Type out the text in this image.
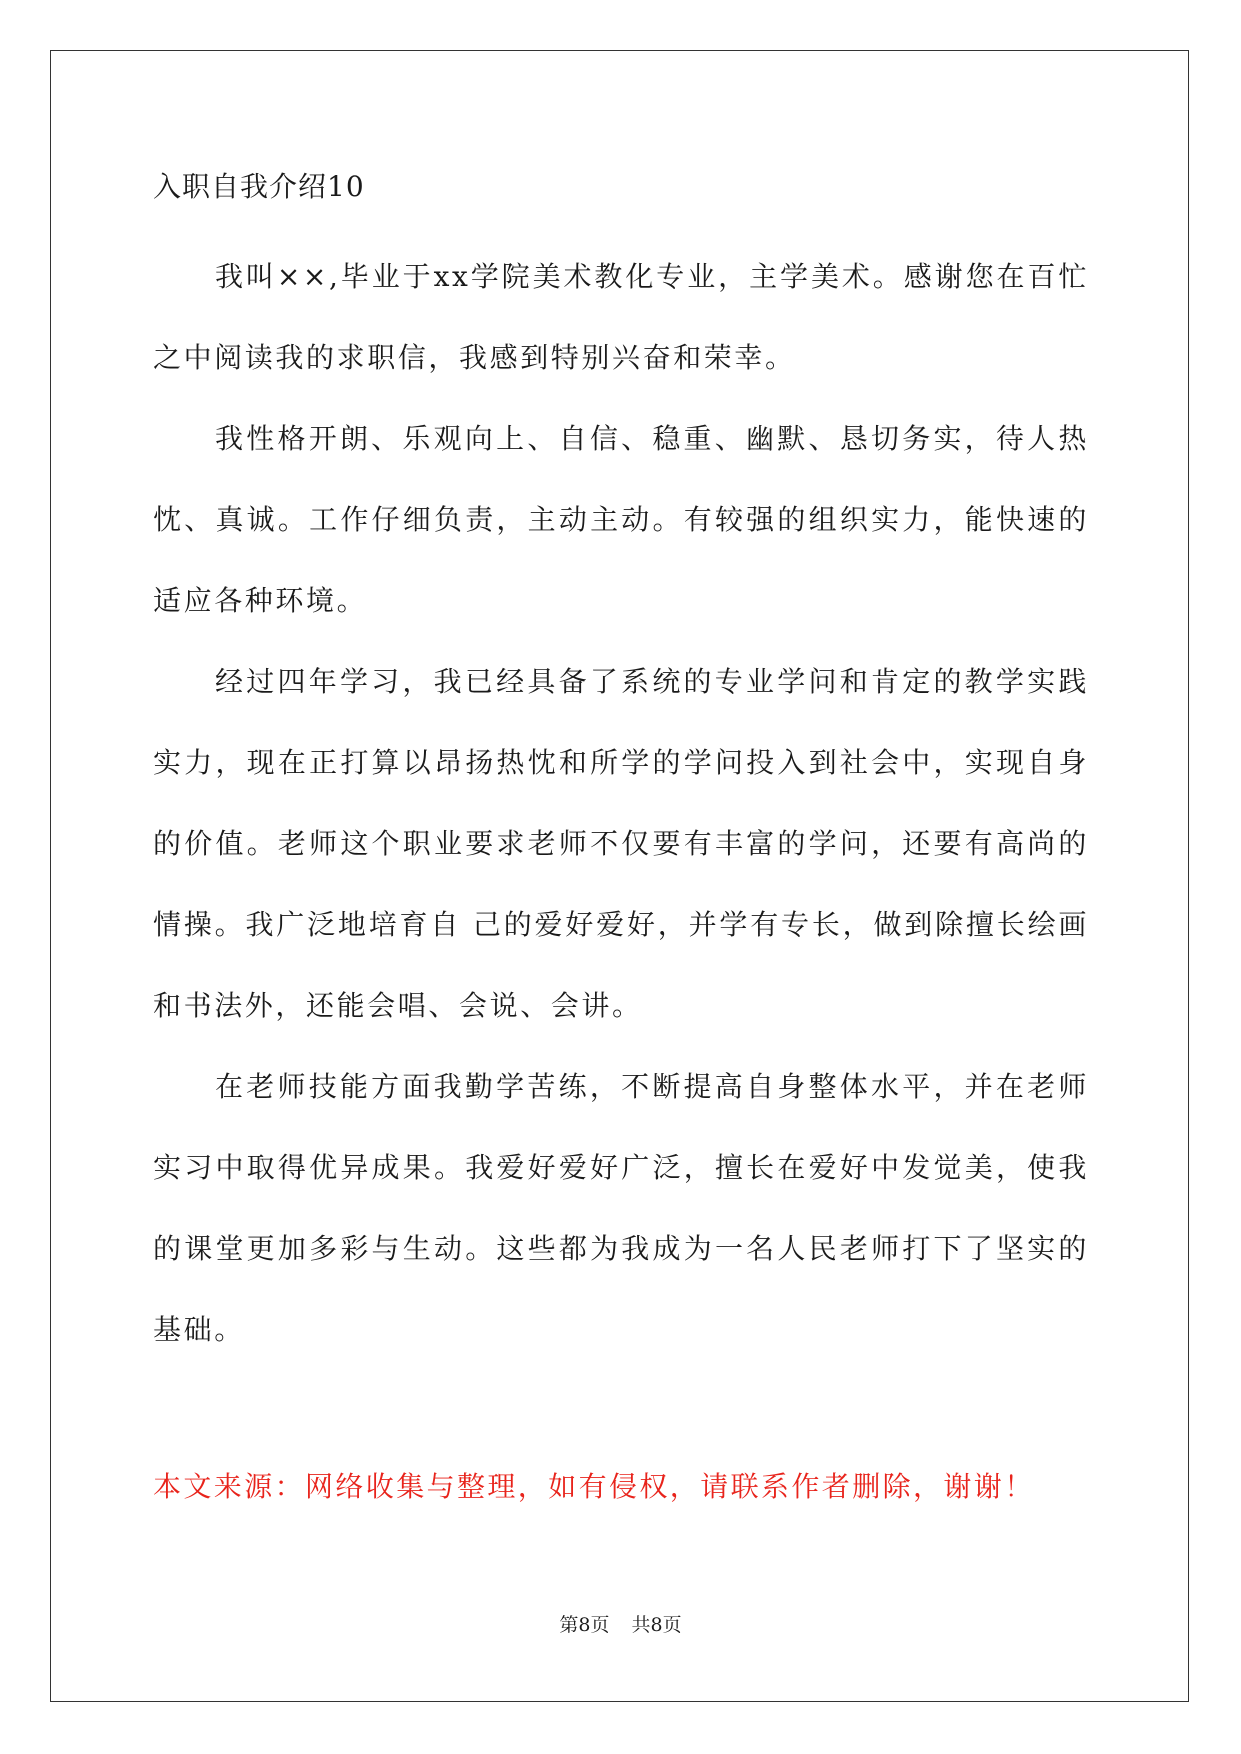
入职自我介绍10

我叫××,毕业于xx学院美术教化专业，主学美术。感谢您在百忙之中阅读我的求职信，我感到特别兴奋和荣幸。

我性格开朗、乐观向上、自信、稳重、幽默、恳切务实，待人热忱、真诚。工作仔细负责，主动主动。有较强的组织实力，能快速的适应各种环境。

经过四年学习，我已经具备了系统的专业学问和肯定的教学实践实力，现在正打算以昂扬热忱和所学的学问投入到社会中，实现自身的价值。老师这个职业要求老师不仅要有丰富的学问，还要有高尚的情操。我广泛地培育自 己的爱好爱好，并学有专长，做到除擅长绘画和书法外，还能会唱、会说、会讲。

在老师技能方面我勤学苦练，不断提高自身整体水平，并在老师实习中取得优异成果。我爱好爱好广泛，擅长在爱好中发觉美，使我的课堂更加多彩与生动。这些都为我成为一名人民老师打下了坚实的基础。

本文来源：网络收集与整理，如有侵权，请联系作者删除，谢谢！
第8页 共8页
